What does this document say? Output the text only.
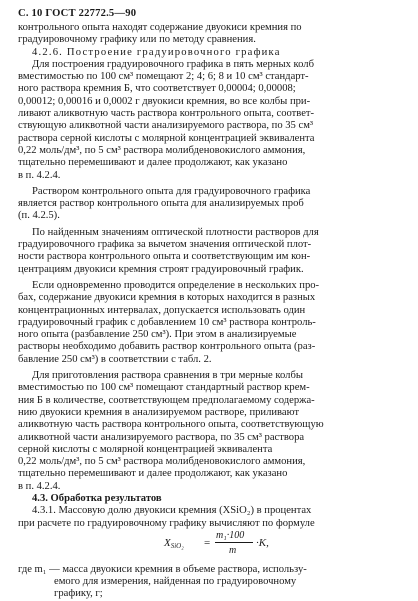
С. 10 ГОСТ 22772.5—90
контрольного опыта находят содержание двуокиси кремния по
градуировочному графику или по методу сравнения.
4.2.6. Построение градуировочного графика
Для построения градуировочного графика в пять мерных колб
вместимостью по 100 см³ помещают 2; 4; 6; 8 и 10 см³ стандарт-
ного раствора кремния Б, что соответствует 0,00004; 0,00008;
0,00012; 0,00016 и 0,0002 г двуокиси кремния, во все колбы при-
ливают аликвотную часть раствора контрольного опыта, соответ-
ствующую аликвотной части анализируемого раствора, по 35 см³
раствора серной кислоты с молярной концентрацией эквивалента
0,22 моль/дм³, по 5 см³ раствора молибденовокислого аммония,
тщательно перемешивают и далее продолжают, как указано
в п. 4.2.4.
Раствором контрольного опыта для градуировочного графика
является раствор контрольного опыта для анализируемых проб
(п. 4.2.5).
По найденным значениям оптической плотности растворов для
градуировочного графика за вычетом значения оптической плот-
ности раствора контрольного опыта и соответствующим им кон-
центрациям двуокиси кремния строят градуировочный график.
Если одновременно проводится определение в нескольких про-
бах, содержание двуокиси кремния в которых находится в разных
концентрационных интервалах, допускается использовать один
градуировочный график с добавлением 10 см³ раствора контроль-
ного опыта (разбавление 250 см³). При этом в анализируемые
растворы необходимо добавить раствор контрольного опыта (раз-
бавление 250 см³) в соответствии с табл. 2.
Для приготовления раствора сравнения в три мерные колбы
вместимостью по 100 см³ помещают стандартный раствор крем-
ния Б в количестве, соответствующем предполагаемому содержа-
нию двуокиси кремния в анализируемом растворе, приливают
аликвотную часть раствора контрольного опыта, соответствующую
аликвотной части анализируемого раствора, по 35 см³ раствора
серной кислоты с молярной концентрацией эквивалента
0,22 моль/дм³, по 5 см³ раствора молибденовокислого аммония,
тщательно перемешивают и далее продолжают, как указано
в п. 4.2.4.
4.3. Обработка результатов
4.3.1. Массовую долю двуокиси кремния (XSiO₂) в процентах
при расчете по градуировочному графику вычисляют по формуле
$X_{SiO_2}$ =
m₁·100
m
·K,
где m₁ — масса двуокиси кремния в объеме раствора, использу-
емого для измерения, найденная по градуировочному
графику, г;
